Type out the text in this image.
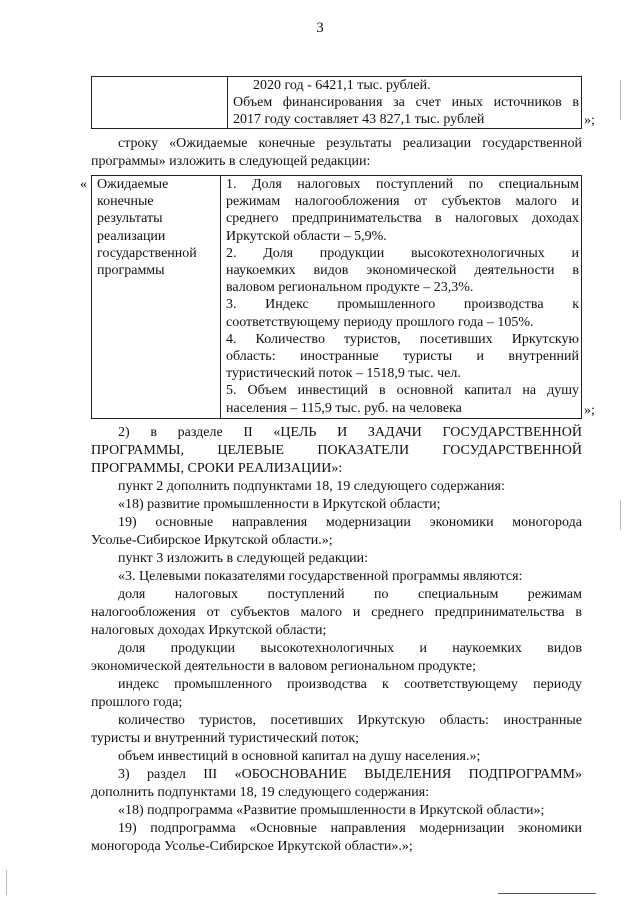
3

2020 год - 6421,1 тыс. рублей.
Объем финансирования за счет иных источников в
2017 году составляет 43 827,1 тыс. рублей	»;
строку «Ожидаемые конечные результаты реализации государственной
программы» изложить в следующей редакции:
« Ожидаемые
конечные
результаты
реализации
государственной
программы	
1. Доля налоговых поступлений по специальным
режимам налогообложения от субъектов малого и
среднего предпринимательства в налоговых доходах
Иркутской области – 5,9%.
2. Доля продукции высокотехнологичных и
наукоемких видов экономической деятельности в
валовом региональном продукте – 23,3%.
3. Индекс промышленного производства к
соответствующему периоду прошлого года – 105%.
4. Количество туристов, посетивших Иркутскую
область: иностранные туристы и внутренний
туристический поток – 1518,9 тыс. чел.
5. Объем инвестиций в основной капитал на душу
населения – 115,9 тыс. руб. на человека	»;
2) в разделе II «ЦЕЛЬ И ЗАДАЧИ ГОСУДАРСТВЕННОЙ
ПРОГРАММЫ, ЦЕЛЕВЫЕ ПОКАЗАТЕЛИ ГОСУДАРСТВЕННОЙ
ПРОГРАММЫ, СРОКИ РЕАЛИЗАЦИИ»:
пункт 2 дополнить подпунктами 18, 19 следующего содержания:
«18) развитие промышленности в Иркутской области;
19) основные направления модернизации экономики моногорода
Усолье-Сибирское Иркутской области.»;
пункт 3 изложить в следующей редакции:
«3. Целевыми показателями государственной программы являются:
доля налоговых поступлений по специальным режимам
налогообложения от субъектов малого и среднего предпринимательства в
налоговых доходах Иркутской области;
доля продукции высокотехнологичных и наукоемких видов
экономической деятельности в валовом региональном продукте;
индекс промышленного производства к соответствующему периоду
прошлого года;
количество туристов, посетивших Иркутскую область: иностранные
туристы и внутренний туристический поток;
объем инвестиций в основной капитал на душу населения.»;
3) раздел III «ОБОСНОВАНИЕ ВЫДЕЛЕНИЯ ПОДПРОГРАММ»
дополнить подпунктами 18, 19 следующего содержания:
«18) подпрограмма «Развитие промышленности в Иркутской области»;
19) подпрограмма «Основные направления модернизации экономики
моногорода Усолье-Сибирское Иркутской области».»;
